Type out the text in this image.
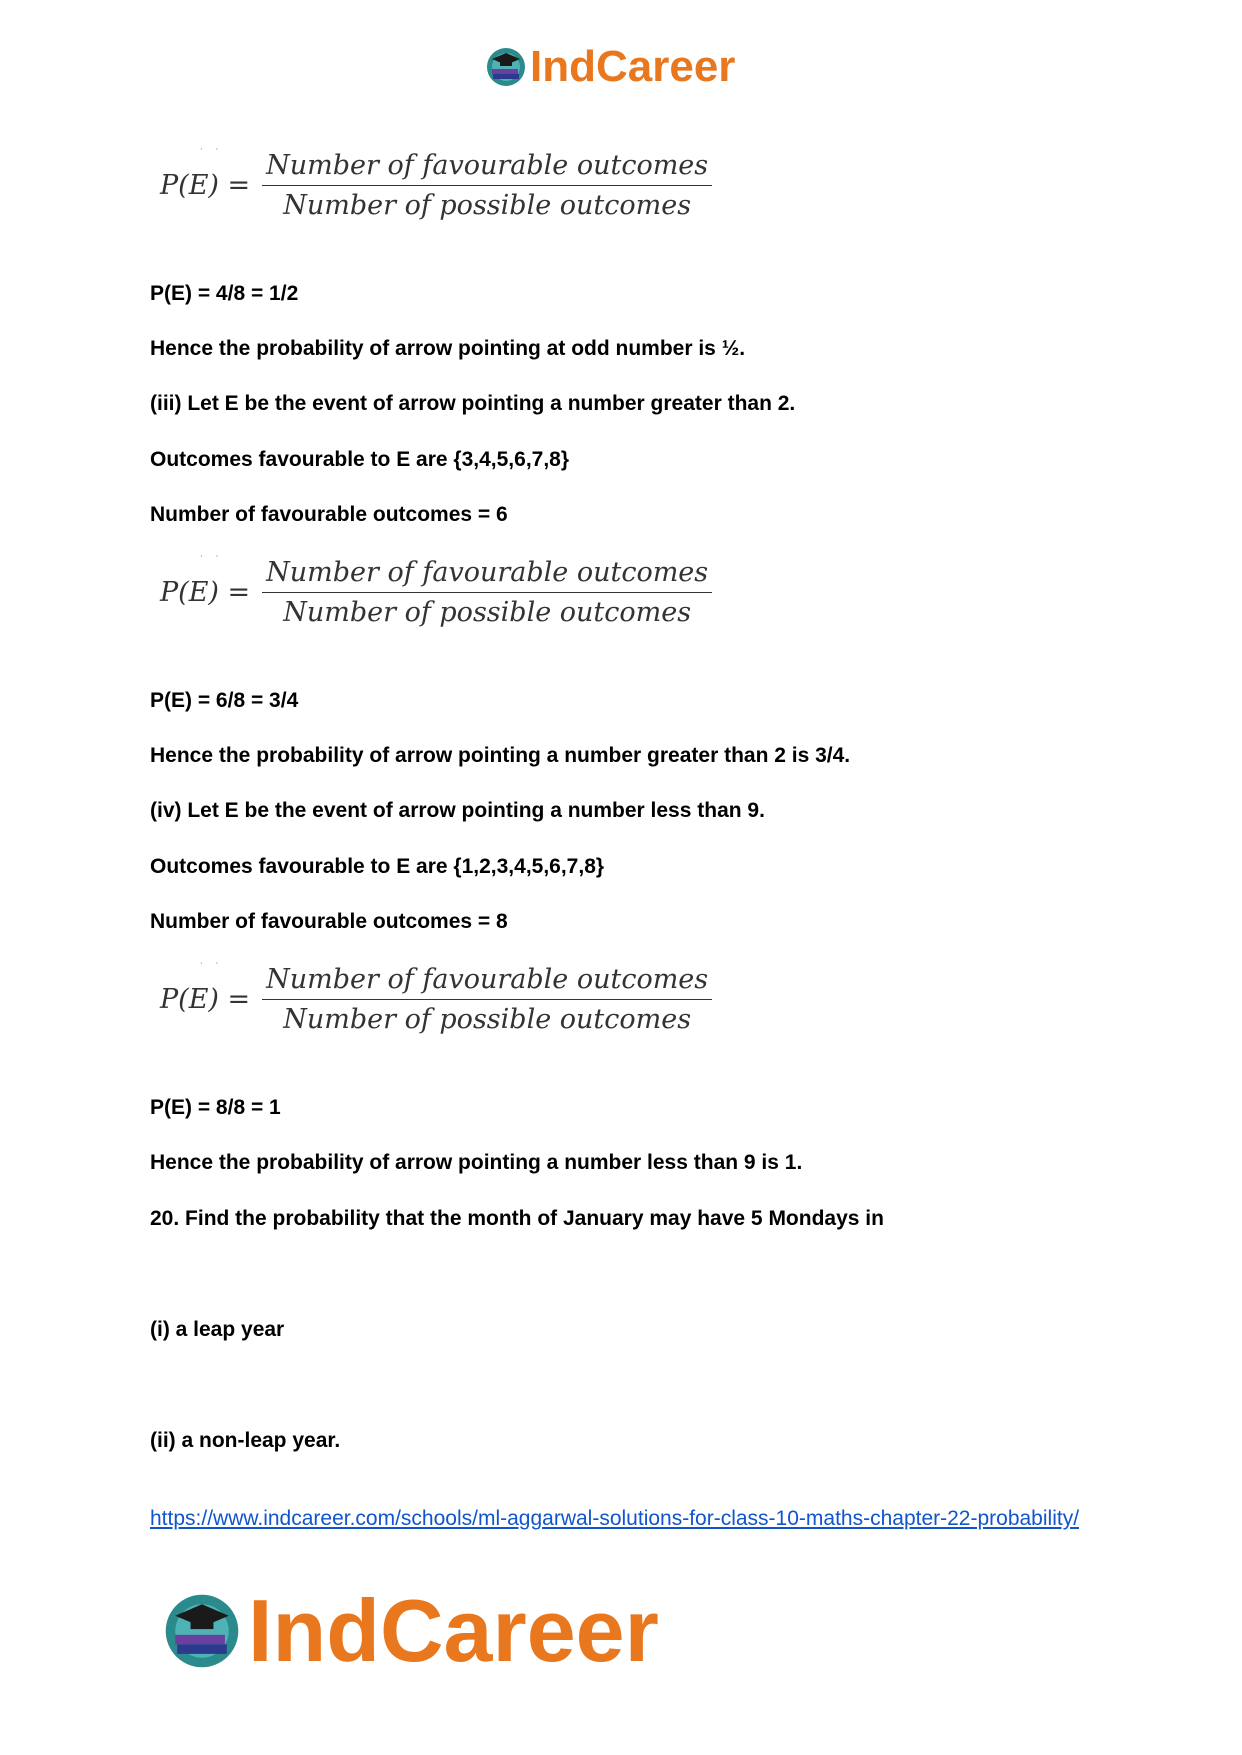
IndCareer
˙ ˙
$P(E) = \frac{\text{Number of favourable outcomes}}{\text{Number of possible outcomes}}$
P(E) = 4/8 = 1/2
Hence the probability of arrow pointing at odd number is ½.
(iii) Let E be the event of arrow pointing a number greater than 2.
Outcomes favourable to E are {3,4,5,6,7,8}
Number of favourable outcomes = 6
˙ ˙
$P(E) = \frac{\text{Number of favourable outcomes}}{\text{Number of possible outcomes}}$
P(E) = 6/8 = 3/4
Hence the probability of arrow pointing a number greater than 2 is 3/4.
(iv) Let E be the event of arrow pointing a number less than 9.
Outcomes favourable to E are {1,2,3,4,5,6,7,8}
Number of favourable outcomes = 8
˙ ˙
$P(E) = \frac{\text{Number of favourable outcomes}}{\text{Number of possible outcomes}}$
P(E) = 8/8 = 1
Hence the probability of arrow pointing a number less than 9 is 1.
20. Find the probability that the month of January may have 5 Mondays in
(i) a leap year
(ii) a non-leap year.
https://www.indcareer.com/schools/ml-aggarwal-solutions-for-class-10-maths-chapter-22-probability/
IndCareer
